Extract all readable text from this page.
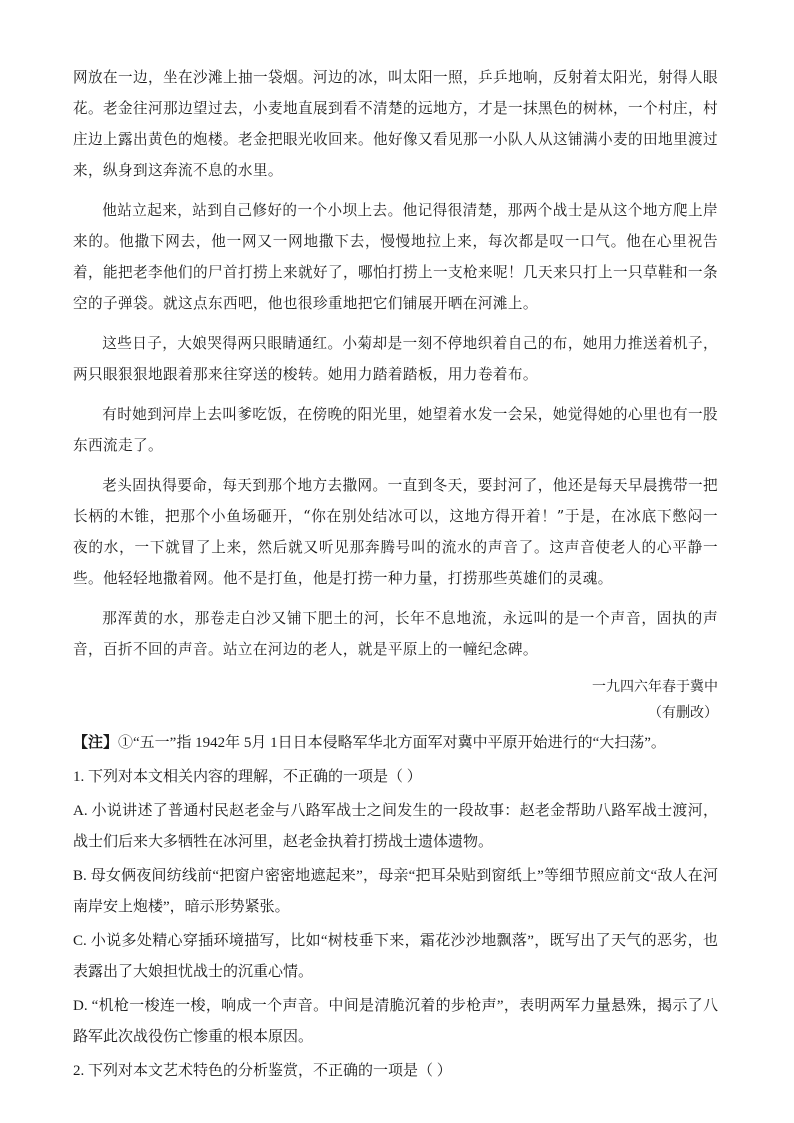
网放在一边，坐在沙滩上抽一袋烟。河边的冰，叫太阳一照，乒乒地响，反射着太阳光，射得人眼花。老金往河那边望过去，小麦地直展到看不清楚的远地方，才是一抹黑色的树林，一个村庄，村庄边上露出黄色的炮楼。老金把眼光收回来。他好像又看见那一小队人从这铺满小麦的田地里渡过来，纵身到这奔流不息的水里。

他站立起来，站到自己修好的一个小坝上去。他记得很清楚，那两个战士是从这个地方爬上岸来的。他撒下网去，他一网又一网地撒下去，慢慢地拉上来，每次都是叹一口气。他在心里祝告着，能把老李他们的尸首打捞上来就好了，哪怕打捞上一支枪来呢！几天来只打上一只草鞋和一条空的子弹袋。就这点东西吧，他也很珍重地把它们铺展开晒在河滩上。

这些日子，大娘哭得两只眼睛通红。小菊却是一刻不停地织着自己的布，她用力推送着机子，两只眼狠狠地跟着那来往穿送的梭转。她用力踏着踏板，用力卷着布。

有时她到河岸上去叫爹吃饭，在傍晚的阳光里，她望着水发一会呆，她觉得她的心里也有一股东西流走了。

老头固执得要命，每天到那个地方去撒网。一直到冬天，要封河了，他还是每天早晨携带一把长柄的木锥，把那个小鱼场砸开，“你在别处结冰可以，这地方得开着！”于是，在冰底下憋闷一夜的水，一下就冒了上来，然后就又听见那奔腾号叫的流水的声音了。这声音使老人的心平静一些。他轻轻地撒着网。他不是打鱼，他是打捞一种力量，打捞那些英雄们的灵魂。

那浑黄的水，那卷走白沙又铺下肥土的河，长年不息地流，永远叫的是一个声音，固执的声音，百折不回的声音。站立在河边的老人，就是平原上的一幢纪念碑。

一九四六年春于冀中

（有删改）

【注】①“五一”指 1942年 5月 1日日本侵略军华北方面军对冀中平原开始进行的“大扫荡”。

1. 下列对本文相关内容的理解，不正确的一项是（ ）

A. 小说讲述了普通村民赵老金与八路军战士之间发生的一段故事：赵老金帮助八路军战士渡河，战士们后来大多牺牲在冰河里，赵老金执着打捞战士遗体遗物。

B. 母女俩夜间纺线前“把窗户密密地遮起来”，母亲“把耳朵贴到窗纸上”等细节照应前文“敌人在河南岸安上炮楼”，暗示形势紧张。

C. 小说多处精心穿插环境描写，比如“树枝垂下来，霜花沙沙地飘落”，既写出了天气的恶劣，也表露出了大娘担忧战士的沉重心情。

D. “机枪一梭连一梭，响成一个声音。中间是清脆沉着的步枪声”，表明两军力量悬殊，揭示了八路军此次战役伤亡惨重的根本原因。

2. 下列对本文艺术特色的分析鉴赏，不正确的一项是（ ）
